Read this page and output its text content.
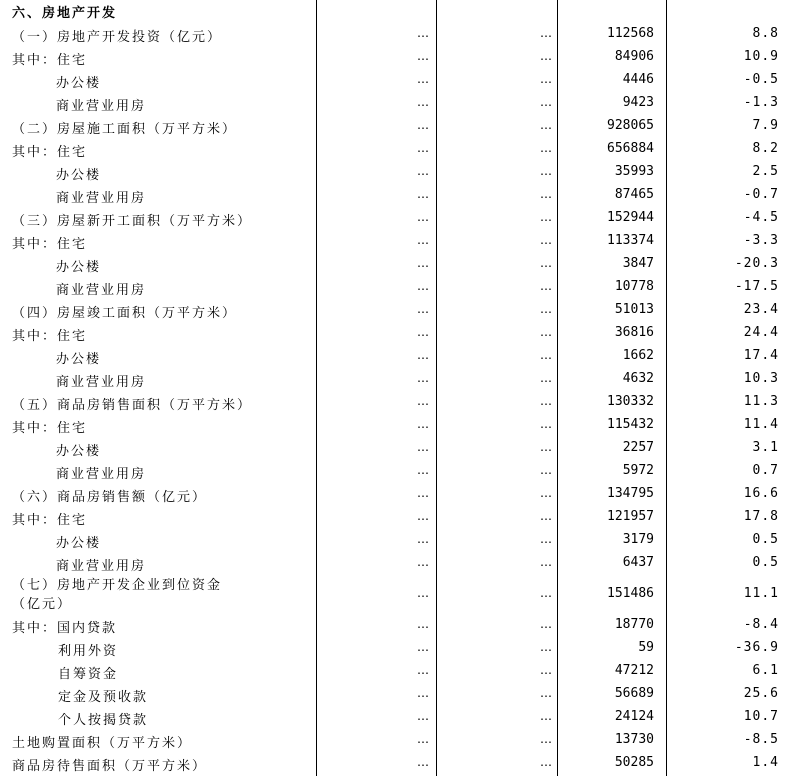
六、房地产开发
（一）房地产开发投资（亿元）	…	…	112568	8.8
其中：住宅	…	…	84906	10.9
办公楼	…	…	4446	-0.5
商业营业用房	…	…	9423	-1.3
（二）房屋施工面积（万平方米）	…	…	928065	7.9
其中：住宅	…	…	656884	8.2
办公楼	…	…	35993	2.5
商业营业用房	…	…	87465	-0.7
（三）房屋新开工面积（万平方米）	…	…	152944	-4.5
其中：住宅	…	…	113374	-3.3
办公楼	…	…	3847	-20.3
商业营业用房	…	…	10778	-17.5
（四）房屋竣工面积（万平方米）	…	…	51013	23.4
其中：住宅	…	…	36816	24.4
办公楼	…	…	1662	17.4
商业营业用房	…	…	4632	10.3
（五）商品房销售面积（万平方米）	…	…	130332	11.3
其中：住宅	…	…	115432	11.4
办公楼	…	…	2257	3.1
商业营业用房	…	…	5972	0.7
（六）商品房销售额（亿元）	…	…	134795	16.6
其中：住宅	…	…	121957	17.8
办公楼	…	…	3179	0.5
商业营业用房	…	…	6437	0.5
（七）房地产开发企业到位资金
（亿元）
…	…	151486	11.1
其中：国内贷款	…	…	18770	-8.4
利用外资	…	…	59	-36.9
自筹资金	…	…	47212	6.1
定金及预收款	…	…	56689	25.6
个人按揭贷款	…	…	24124	10.7
土地购置面积（万平方米）	…	…	13730	-8.5
商品房待售面积（万平方米）	…	…	50285	1.4
